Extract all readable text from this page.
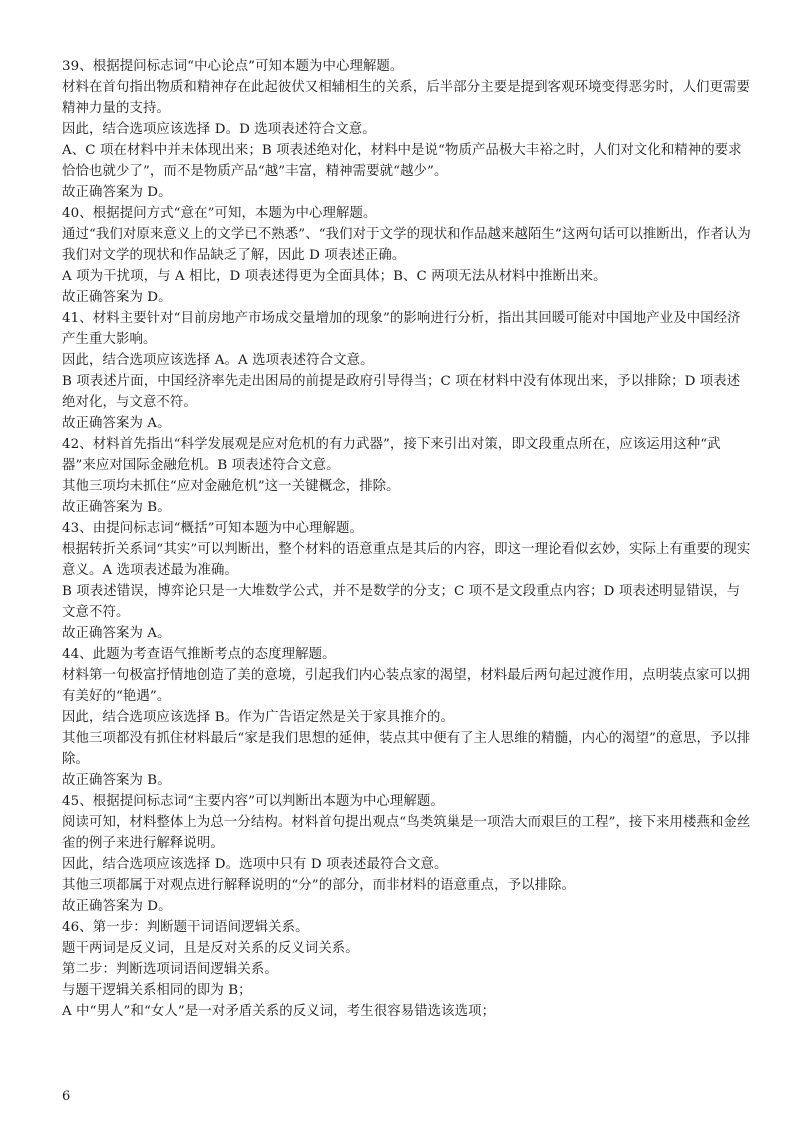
39、根据提问标志词“中心论点”可知本题为中心理解题。

材料在首句指出物质和精神存在此起彼伏又相辅相生的关系，后半部分主要是提到客观环境变得恶劣时，人们更需要精神力量的支持。

因此，结合选项应该选择 D。D 选项表述符合文意。

A、C 项在材料中并未体现出来；B 项表述绝对化，材料中是说“物质产品极大丰裕之时，人们对文化和精神的要求恰恰也就少了”，而不是物质产品“越”丰富，精神需要就“越少”。

故正确答案为 D。

40、根据提问方式“意在”可知，本题为中心理解题。

通过“我们对原来意义上的文学已不熟悉”、“我们对于文学的现状和作品越来越陌生”这两句话可以推断出，作者认为我们对文学的现状和作品缺乏了解，因此 D 项表述正确。

A 项为干扰项，与 A 相比，D 项表述得更为全面具体；B、C 两项无法从材料中推断出来。

故正确答案为 D。

41、材料主要针对“目前房地产市场成交量增加的现象”的影响进行分析，指出其回暖可能对中国地产业及中国经济产生重大影响。

因此，结合选项应该选择 A。A 选项表述符合文意。

B 项表述片面，中国经济率先走出困局的前提是政府引导得当；C 项在材料中没有体现出来，予以排除；D 项表述绝对化，与文意不符。

故正确答案为 A。

42、材料首先指出“科学发展观是应对危机的有力武器”，接下来引出对策，即文段重点所在，应该运用这种“武器”来应对国际金融危机。B 项表述符合文意。

其他三项均未抓住“应对金融危机”这一关键概念，排除。

故正确答案为 B。

43、由提问标志词“概括”可知本题为中心理解题。

根据转折关系词“其实”可以判断出，整个材料的语意重点是其后的内容，即这一理论看似玄妙，实际上有重要的现实意义。A 选项表述最为准确。

B 项表述错误，博弈论只是一大堆数学公式，并不是数学的分支；C 项不是文段重点内容；D 项表述明显错误，与文意不符。

故正确答案为 A。

44、此题为考查语气推断考点的态度理解题。

材料第一句极富抒情地创造了美的意境，引起我们内心装点家的渴望，材料最后两句起过渡作用，点明装点家可以拥有美好的“艳遇”。

因此，结合选项应该选择 B。作为广告语定然是关于家具推介的。

其他三项都没有抓住材料最后“家是我们思想的延伸，装点其中便有了主人思维的精髓，内心的渴望”的意思，予以排除。

故正确答案为 B。

45、根据提问标志词“主要内容”可以判断出本题为中心理解题。

阅读可知，材料整体上为总一分结构。材料首句提出观点“鸟类筑巢是一项浩大而艰巨的工程”，接下来用楼燕和金丝雀的例子来进行解释说明。

因此，结合选项应该选择 D。选项中只有 D 项表述最符合文意。

其他三项都属于对观点进行解释说明的“分”的部分，而非材料的语意重点，予以排除。

故正确答案为 D。

46、第一步：判断题干词语间逻辑关系。

题干两词是反义词，且是反对关系的反义词关系。

第二步：判断选项词语间逻辑关系。

与题干逻辑关系相同的即为 B；

A 中“男人”和“女人”是一对矛盾关系的反义词，考生很容易错选该选项；

6
